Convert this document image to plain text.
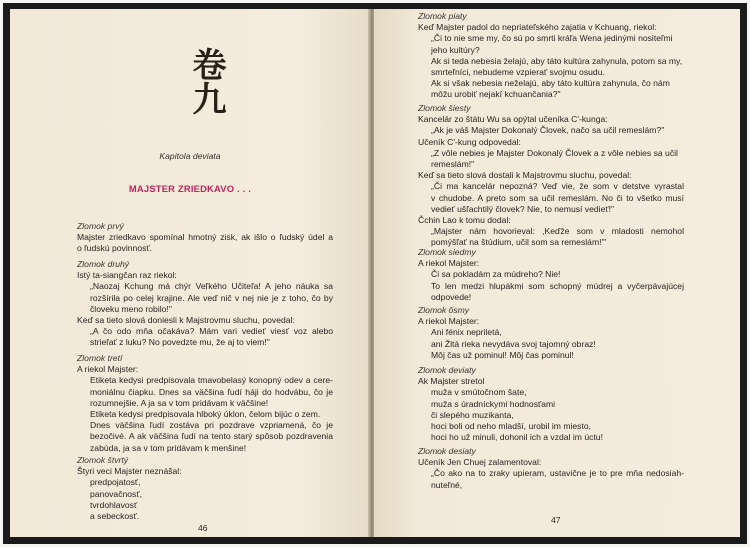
卷九
Kapitola deviata
MAJSTER ZRIEDKAVO . . .
Zlomok prvý
Majster zriedkavo spomínal hmotný zisk, ak išlo o ľudský údel a
o ľudskú povinnosť.
Zlomok druhý
Istý ta-siangčan raz riekol:
„Naozaj Kchung má chýr Veľkého Učiteľa! A jeho náuka sa
rozšírila po celej krajine. Ale veď nič v nej nie je z toho, čo by
človeku meno robilo!"
Keď sa tieto slová doniesli k Majstrovmu sluchu, povedal:
„A čo odo mňa očakáva? Mám vari vedieť viesť voz alebo
strieľať z luku? No povedzte mu, že aj to viem!"
Zlomok tretí
A riekol Majster:
Etiketa kedysi predpisovala tmavobelasý konopný odev a cere-
moniálnu čiapku. Dnes sa väčšina ľudí háji do hodvábu, čo je
rozumnejšie. A ja sa v tom pridávam k väčšine!
Etiketa kedysi predpisovala hlboký úklon, čelom bijúc o zem.
Dnes väčšina ľudí zostáva pri pozdrave vzpriamená, čo je
bezočivé. A ak väčšina ľudí na tento starý spôsob pozdravenia
zabúda, ja sa v tom pridávam k menšine!
Zlomok štvrtý
Štyri veci Majster neznášal:
predpojatosť,
panovačnosť,
tvrdohlavosť
a sebeckosť.
46
Zlomok piaty
Keď Majster padol do nepriateľského zajatia v Kchuang, riekol:
„Či to nie sme my, čo sú po smrti kráľa Wena jedinými nositeľmi
jeho kultúry?
Ak si teda nebesia želajú, aby táto kultúra zahynula, potom sa my,
smrteľníci, nebudeme vzpierať svojmu osudu.
Ak si však nebesia neželajú, aby táto kultúra zahynula, čo nám
môžu urobiť nejakí kchuančania?"
Zlomok šiesty
Kancelár zo štátu Wu sa opýtal učeníka C'-kunga:
„Ak je váš Majster Dokonalý Človek, načo sa učil remeslám?"
Učeník C'-kung odpovedal:
„Z vôle nebies je Majster Dokonalý Človek a z vôle nebies sa učil
remeslám!"
Keď sa tieto slová dostali k Majstrovmu sluchu, povedal:
„Či ma kancelár nepozná? Veď vie, že som v detstve vyrastal
v chudobe. A preto som sa učil remeslám. No či to všetko musí
vedieť ušľachtilý človek? Nie, to nemusí vedieť!"
Čchin Lao k tomu dodal:
„Majster nám hovorieval: ,Keďže som v mladosti nemohol
pomýšľať na štúdium, učil som sa remeslám!'"
Zlomok siedmy
A riekol Majster:
Či sa pokladám za múdreho? Nie!
To len medzi hlupákmi som schopný múdrej a vyčerpávajúcej
odpovede!
Zlomok ôsmy
A riekol Majster:
Ani fénix nepriletá,
ani Žltá rieka nevydáva svoj tajomný obraz!
Môj čas už pominul! Môj čas pominul!
Zlomok deviaty
Ak Majster stretol
muža v smútočnom šate,
muža s úradníckymi hodnosťami
či slepého muzikanta,
hoci boli od neho mladší, urobil im miesto,
hoci ho už minuli, dohonil ich a vzdal im úctu!
Zlomok desiaty
Učeník Jen Chuej zalamentoval:
„Čo ako na to zraky upieram, ustavične je to pre mňa nedosiah-
nuteľné,
47
